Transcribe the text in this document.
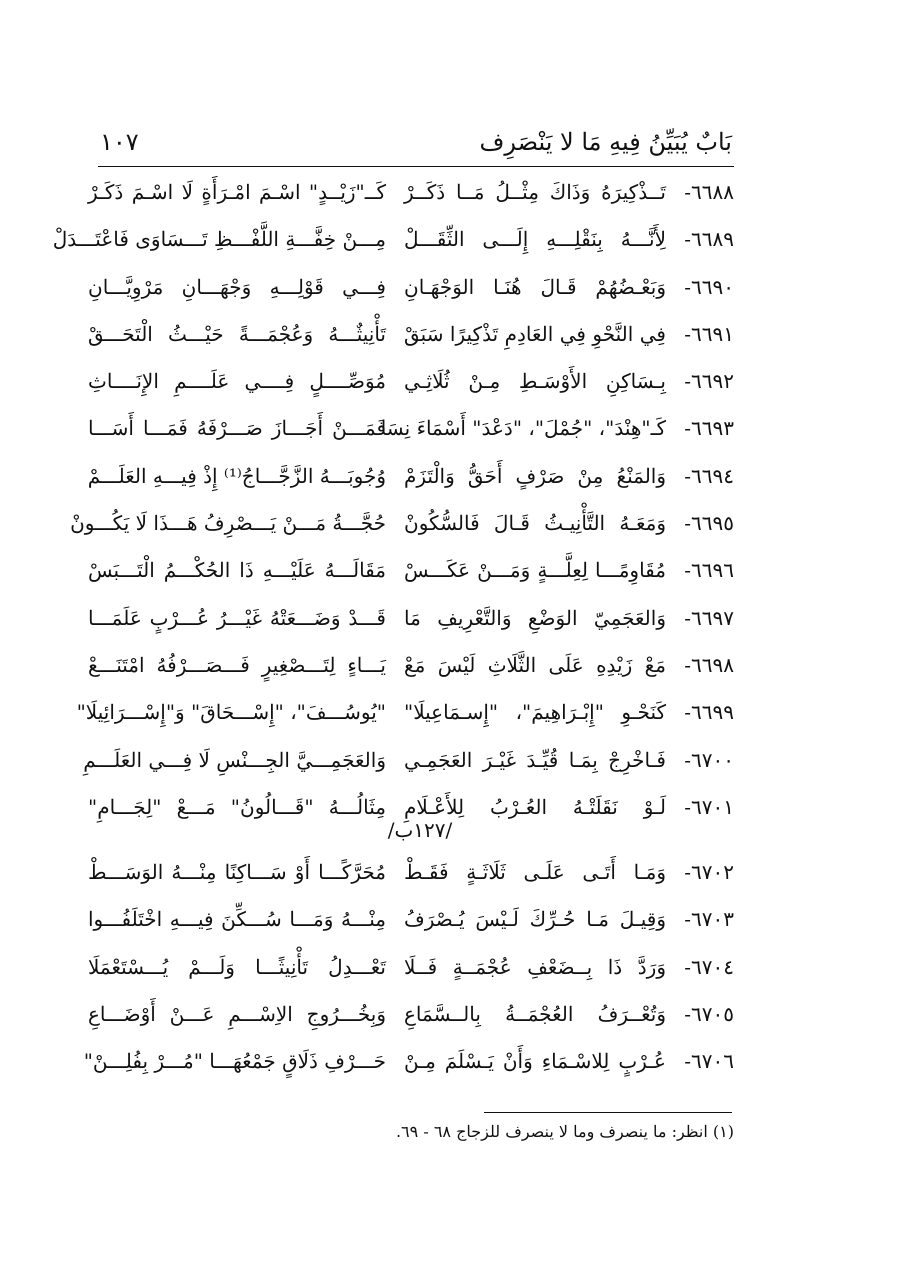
بَابٌ يُبَيِّنُ فِيهِ مَا لا يَنْصَرِف
١٠٧
٦٦٨٨-
تَــذْكِيرَهُ وَذَاكَ مِثْــلُ مَــا ذَكَــرْ
كَــ"زَيْــدٍ" اسْـمَ امْـرَأَةٍ لَا اسْـمَ ذَكَـرْ
٦٦٨٩-
لِأَنَّـــهُ بِنَقْلِـــهِ إِلَـــى الثِّقَـــلْ
مِـــنْ خِفَّـــةِ اللَّفْـــظِ تَـــسَاوَى فَاعْتَـــدَلْ
٦٦٩٠-
وَبَعْـضُهُمْ قَـالَ هُنَـا الوَجْهَـانِ
فِـــي قَوْلِـــهِ وَجْهَـــانِ مَرْوِيَّـــانِ
٦٦٩١-
فِي النَّحْوِ فِي العَادِمِ تَذْكِيرًا سَبَقْ
تَأْنِيثٌـــهُ وَعُجْمَـــةً حَيْـــثُ الْتَحَـــقْ
٦٦٩٢-
بِـسَاكِنِ الأَوْسَـطِ مِـنْ ثُلَاثِـي
مُوَصِّــــلٍ فِــــي عَلَــــمِ الإِنَــــاثِ
٦٦٩٣-
كَـ"هِنْدَ"، "جُمْلَ"، "دَعْدَ" أَسْمَاءَ نِسَا
فَمَـــنْ أَجَـــازَ صَـــرْفَهُ فَمَـــا أَسَـــا
٦٦٩٤-
وَالمَنْعُ مِنْ صَرْفٍ أَحَقُّ وَالْتَزَمْ
وُجُوبَـــهُ الزَّجَّـــاجُ⁽¹⁾ إِذْ فِيـــهِ العَلَـــمْ
٦٦٩٥-
وَمَعَـهُ التَّأْنِيـثُ قَـالَ فَالسُّكُونْ
حُجَّـــةُ مَـــنْ يَـــصْرِفُ هَـــذَا لَا يَكُـــونْ
٦٦٩٦-
مُقَاوِمًـــا لِعِلَّـــةٍ وَمَـــنْ عَكَـــسْ
مَقَالَـــهُ عَلَيْـــهِ ذَا الحُكْـــمُ الْتَـــبَسْ
٦٦٩٧-
وَالعَجَمِيّ الوَضْعِ وَالتَّعْرِيفِ مَا
قَـــدْ وَضَـــعَتْهُ غَيْـــرُ عُـــرْبٍ عَلَمَـــا
٦٦٩٨-
مَعْ زَيْدِهِ عَلَى الثَّلَاثِ لَيْسَ مَعْ
يَـــاءٍ لِتَـــصْغِيرٍ فَـــصَـــرْفُهُ امْتَنَـــعْ
٦٦٩٩-
كَنَحْـوِ "إِبْـرَاهِيمَ"، "إِسـمَاعِيلَا"
"يُوسُـــفَ"، "إِسْـــحَاقَ" وَ"إِسْـــرَائِيلَا"
٦٧٠٠-
فَـاخْرِجْ بِمَـا قُيِّـدَ غَيْـرَ العَجَمِـي
وَالعَجَمِـــيَّ الجِـــنْسِ لَا فِـــي العَلَـــمِ
٦٧٠١-
لَـوْ نَقَلَتْـهُ العُـرْبُ لِلأَعْـلَامِ
مِثَالُـــهُ "قَـــالُونُ" مَـــعْ "لِجَـــامِ"
/١٢٧ب/
٦٧٠٢-
وَمَـا أَتَـى عَلَـى ثَلَاثَـةٍ فَقَـطْ
مُحَرَّكًـــا أَوْ سَـــاكِنًا مِنْـــهُ الوَسَـــطْ
٦٧٠٣-
وَقِيـلَ مَـا حُـرِّكَ لَـيْسَ يُـصْرَفُ
مِنْـــهُ وَمَـــا سُـــكِّنَ فِيـــهِ اخْتَلَفُـــوا
٦٧٠٤-
وَرَدَّ ذَا بِــضَعْفِ عُجْمَــةٍ فَــلَا
تَعْـــدِلُ تَأْنِيثًـــا وَلَـــمْ يُـــسْتَعْمَلَا
٦٧٠٥-
وَتُعْــرَفُ العُجْمَــةُ بِالــسَّمَاعِ
وَبِخُـــرُوجِ الاِسْـــمِ عَـــنْ أَوْضَـــاعِ
٦٧٠٦-
عُـرْبٍ لِلاسْـمَاءِ وَأَنْ يَـسْلَمَ مِـنْ
حَـــرْفِ ذَلَاقٍ جَمْعُهَـــا "مُـــرْ بِفُلِـــنْ"
(١) انظر: ما ينصرف وما لا ينصرف للزجاج ٦٨ - ٦٩.
